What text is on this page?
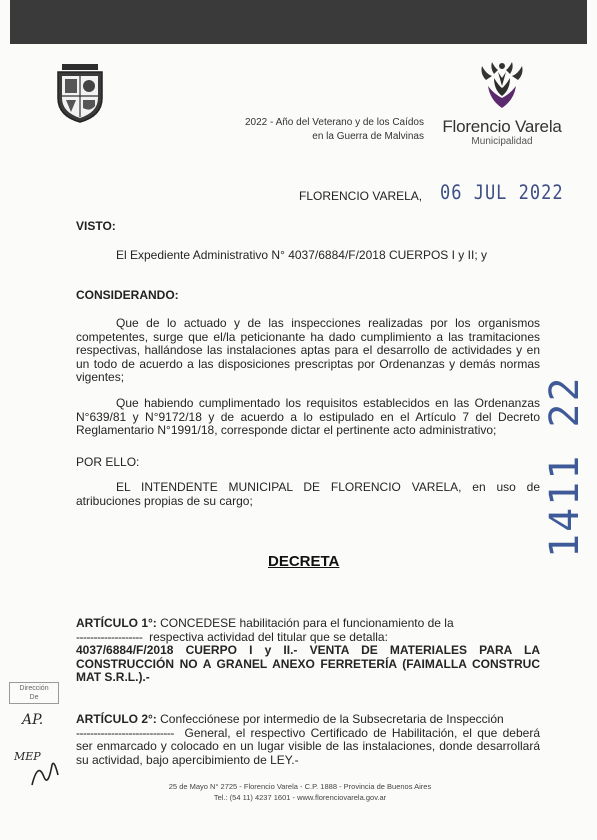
2022 - Año del Veterano y de los Caídos
en la Guerra de Malvinas
Florencio Varela
Municipalidad
FLORENCIO VARELA, 06 JUL 2022
VISTO:
El Expediente Administrativo N° 4037/6884/F/2018 CUERPOS I y II; y
CONSIDERANDO:
Que de lo actuado y de las inspecciones realizadas por los organismos competentes, surge que el/la peticionante ha dado cumplimiento a las tramitaciones respectivas, hallándose las instalaciones aptas para el desarrollo de actividades y en un todo de acuerdo a las disposiciones prescriptas por Ordenanzas y demás normas vigentes;
Que habiendo cumplimentado los requisitos establecidos en las Ordenanzas N°639/81 y N°9172/18 y de acuerdo a lo estipulado en el Artículo 7 del Decreto Reglamentario N°1991/18, corresponde dictar el pertinente acto administrativo;
POR ELLO:
EL INTENDENTE MUNICIPAL DE FLORENCIO VARELA, en uso de atribuciones propias de su cargo;
DECRETA
1411 22
ARTÍCULO 1°: CONCEDESE habilitación para el funcionamiento de la
------------------- respectiva actividad del titular que se detalla:
4037/6884/F/2018 CUERPO I y II.- VENTA DE MATERIALES PARA LA CONSTRUCCIÓN NO A GRANEL ANEXO FERRETERÍA (FAIMALLA CONSTRUC MAT S.R.L.).-
ARTÍCULO 2°: Confecciónese por intermedio de la Subsecretaria de Inspección
---------------------------- General, el respectivo Certificado de Habilitación, el que deberá ser enmarcado y colocado en un lugar visible de las instalaciones, donde desarrollará su actividad, bajo apercibimiento de LEY.-
Dirección
De
AP.
MEP
25 de Mayo N° 2725 - Florencio Varela - C.P. 1888 - Provincia de Buenos Aires
Tel.: (54 11) 4237 1601 - www.florenciovarela.gov.ar
